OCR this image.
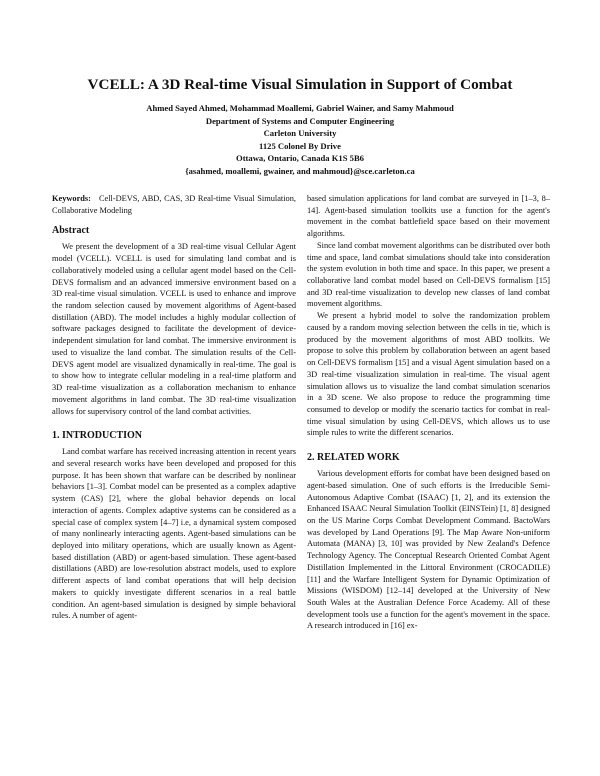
VCELL: A 3D Real-time Visual Simulation in Support of Combat
Ahmed Sayed Ahmed, Mohammad Moallemi, Gabriel Wainer, and Samy Mahmoud
Department of Systems and Computer Engineering
Carleton University
1125 Colonel By Drive
Ottawa, Ontario, Canada K1S 5B6
{asahmed, moallemi, gwainer, and mahmoud}@sce.carleton.ca

Keywords: Cell-DEVS, ABD, CAS, 3D Real-time Visual Simulation, Collaborative Modeling

Abstract

We present the development of a 3D real-time visual Cellular Agent model (VCELL). VCELL is used for simulating land combat and is collaboratively modeled using a cellular agent model based on the Cell-DEVS formalism and an advanced immersive environment based on a 3D real-time visual simulation. VCELL is used to enhance and improve the random selection caused by movement algorithms of Agent-based distillation (ABD). The model includes a highly modular collection of software packages designed to facilitate the development of device-independent simulation for land combat. The immersive environment is used to visualize the land combat. The simulation results of the Cell-DEVS agent model are visualized dynamically in real-time. The goal is to show how to integrate cellular modeling in a real-time platform and 3D real-time visualization as a collaboration mechanism to enhance movement algorithms in land combat. The 3D real-time visualization allows for supervisory control of the land combat activities.

1. INTRODUCTION

Land combat warfare has received increasing attention in recent years and several research works have been developed and proposed for this purpose. It has been shown that warfare can be described by nonlinear behaviors [1–3]. Combat model can be presented as a complex adaptive system (CAS) [2], where the global behavior depends on local interaction of agents. Complex adaptive systems can be considered as a special case of complex system [4–7] i.e, a dynamical system composed of many nonlinearly interacting agents. Agent-based simulations can be deployed into military operations, which are usually known as Agent-based distillation (ABD) or agent-based simulation. These agent-based distillations (ABD) are low-resolution abstract models, used to explore different aspects of land combat operations that will help decision makers to quickly investigate different scenarios in a real battle condition. An agent-based simulation is designed by simple behavioral rules. A number of agent-

based simulation applications for land combat are surveyed in [1–3, 8–14]. Agent-based simulation toolkits use a function for the agent's movement in the combat battlefield space based on their movement algorithms.

Since land combat movement algorithms can be distributed over both time and space, land combat simulations should take into consideration the system evolution in both time and space. In this paper, we present a collaborative land combat model based on Cell-DEVS formalism [15] and 3D real-time visualization to develop new classes of land combat movement algorithms.

We present a hybrid model to solve the randomization problem caused by a random moving selection between the cells in tie, which is produced by the movement algorithms of most ABD toolkits. We propose to solve this problem by collaboration between an agent based on Cell-DEVS formalism [15] and a visual Agent simulation based on a 3D real-time visualization simulation in real-time. The visual agent simulation allows us to visualize the land combat simulation scenarios in a 3D scene. We also propose to reduce the programming time consumed to develop or modify the scenario tactics for combat in real-time visual simulation by using Cell-DEVS, which allows us to use simple rules to write the different scenarios.

2. RELATED WORK

Various development efforts for combat have been designed based on agent-based simulation. One of such efforts is the Irreducible Semi-Autonomous Adaptive Combat (ISAAC) [1, 2], and its extension the Enhanced ISAAC Neural Simulation Toolkit (EINSTein) [1, 8] designed on the US Marine Corps Combat Development Command. BactoWars was developed by Land Operations [9]. The Map Aware Non-uniform Automata (MANA) [3, 10] was provided by New Zealand's Defence Technology Agency. The Conceptual Research Oriented Combat Agent Distillation Implemented in the Littoral Environment (CROCADILE) [11] and the Warfare Intelligent System for Dynamic Optimization of Missions (WISDOM) [12–14] developed at the University of New South Wales at the Australian Defence Force Academy. All of these development tools use a function for the agent's movement in the space. A research introduced in [16] ex-
